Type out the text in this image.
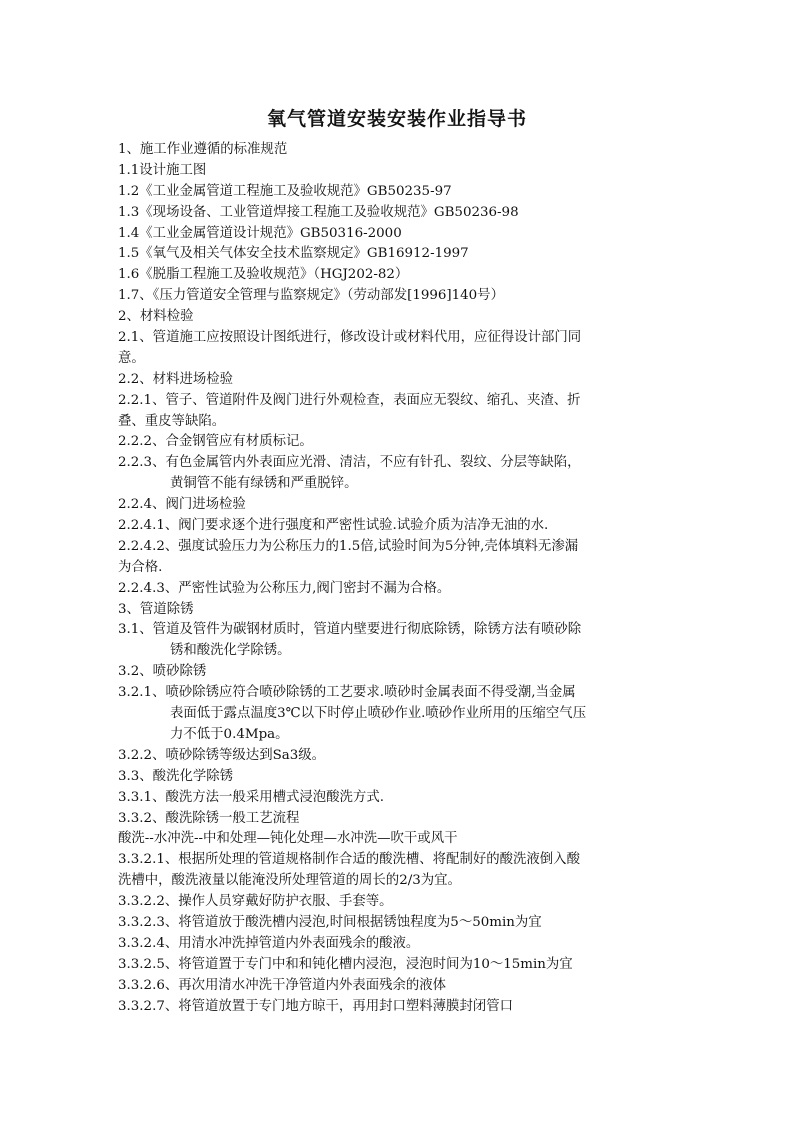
氧气管道安装安装作业指导书
1、施工作业遵循的标准规范
1.1设计施工图
1.2《工业金属管道工程施工及验收规范》GB50235-97
1.3《现场设备、工业管道焊接工程施工及验收规范》GB50236-98
1.4《工业金属管道设计规范》GB50316-2000
1.5《氧气及相关气体安全技术监察规定》GB16912-1997
1.6《脱脂工程施工及验收规范》（HGJ202-82）
1.7、《压力管道安全管理与监察规定》（劳动部发[1996]140号）
2、材料检验
2.1、管道施工应按照设计图纸进行，修改设计或材料代用，应征得设计部门同
意。
2.2、材料进场检验
2.2.1、管子、管道附件及阀门进行外观检查，表面应无裂纹、缩孔、夹渣、折
叠、重皮等缺陷。
2.2.2、合金钢管应有材质标记。
2.2.3、有色金属管内外表面应光滑、清洁，不应有针孔、裂纹、分层等缺陷，
黄铜管不能有绿锈和严重脱锌。
2.2.4、阀门进场检验
2.2.4.1、阀门要求逐个进行强度和严密性试验.试验介质为洁净无油的水.
2.2.4.2、强度试验压力为公称压力的1.5倍,试验时间为5分钟,壳体填料无渗漏
为合格.
2.2.4.3、严密性试验为公称压力,阀门密封不漏为合格。
3、管道除锈
3.1、管道及管件为碳钢材质时，管道内壁要进行彻底除锈，除锈方法有喷砂除
锈和酸洗化学除锈。
3.2、喷砂除锈
3.2.1、喷砂除锈应符合喷砂除锈的工艺要求.喷砂时金属表面不得受潮,当金属
表面低于露点温度3℃以下时停止喷砂作业.喷砂作业所用的压缩空气压
力不低于0.4Mpa。
3.2.2、喷砂除锈等级达到Sa3级。
3.3、酸洗化学除锈
3.3.1、酸洗方法一般采用槽式浸泡酸洗方式.
3.3.2、酸洗除锈一般工艺流程
酸洗--水冲洗--中和处理—钝化处理—水冲洗—吹干或风干
3.3.2.1、根据所处理的管道规格制作合适的酸洗槽、将配制好的酸洗液倒入酸
洗槽中，酸洗液量以能淹没所处理管道的周长的2/3为宜。
3.3.2.2、操作人员穿戴好防护衣服、手套等。
3.3.2.3、将管道放于酸洗槽内浸泡,时间根据锈蚀程度为5～50min为宜
3.3.2.4、用清水冲洗掉管道内外表面残余的酸液。
3.3.2.5、将管道置于专门中和和钝化槽内浸泡，浸泡时间为10～15min为宜
3.3.2.6、再次用清水冲洗干净管道内外表面残余的液体
3.3.2.7、将管道放置于专门地方晾干，再用封口塑料薄膜封闭管口
